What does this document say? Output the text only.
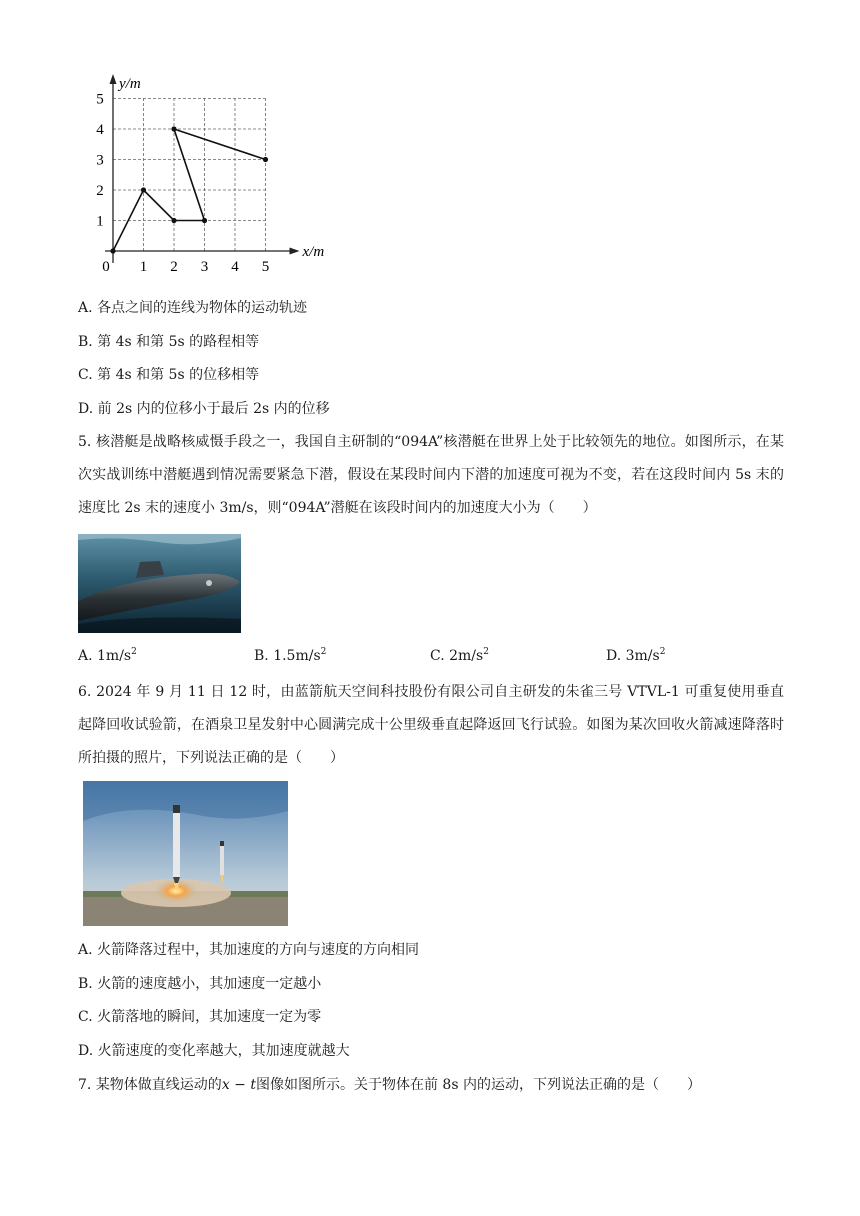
1 2 3 4 5
1
2
3
4
5
0
y/m
x/m
A. 各点之间的连线为物体的运动轨迹
B. 第 4s 和第 5s 的路程相等
C. 第 4s 和第 5s 的位移相等
D. 前 2s 内的位移小于最后 2s 内的位移
5. 核潜艇是战略核威慑手段之一，我国自主研制的“094A”核潜艇在世界上处于比较领先的地位。如图所示，在某次实战训练中潜艇遇到情况需要紧急下潜，假设在某段时间内下潜的加速度可视为不变，若在这段时间内 5s 末的速度比 2s 末的速度小 3m/s，则“094A”潜艇在该段时间内的加速度大小为（　　）
A. $1m/s^2$	B. $1.5m/s^2$	C. $2m/s^2$	D. $3m/s^2$
6. 2024 年 9 月 11 日 12 时，由蓝箭航天空间科技股份有限公司自主研发的朱雀三号 VTVL-1 可重复使用垂直起降回收试验箭，在酒泉卫星发射中心圆满完成十公里级垂直起降返回飞行试验。如图为某次回收火箭减速降落时所拍摄的照片，下列说法正确的是（　　）
A. 火箭降落过程中，其加速度的方向与速度的方向相同
B. 火箭的速度越小，其加速度一定越小
C. 火箭落地的瞬间，其加速度一定为零
D. 火箭速度的变化率越大，其加速度就越大
7. 某物体做直线运动的x − t图像如图所示。关于物体在前 8s 内的运动，下列说法正确的是（　　）
